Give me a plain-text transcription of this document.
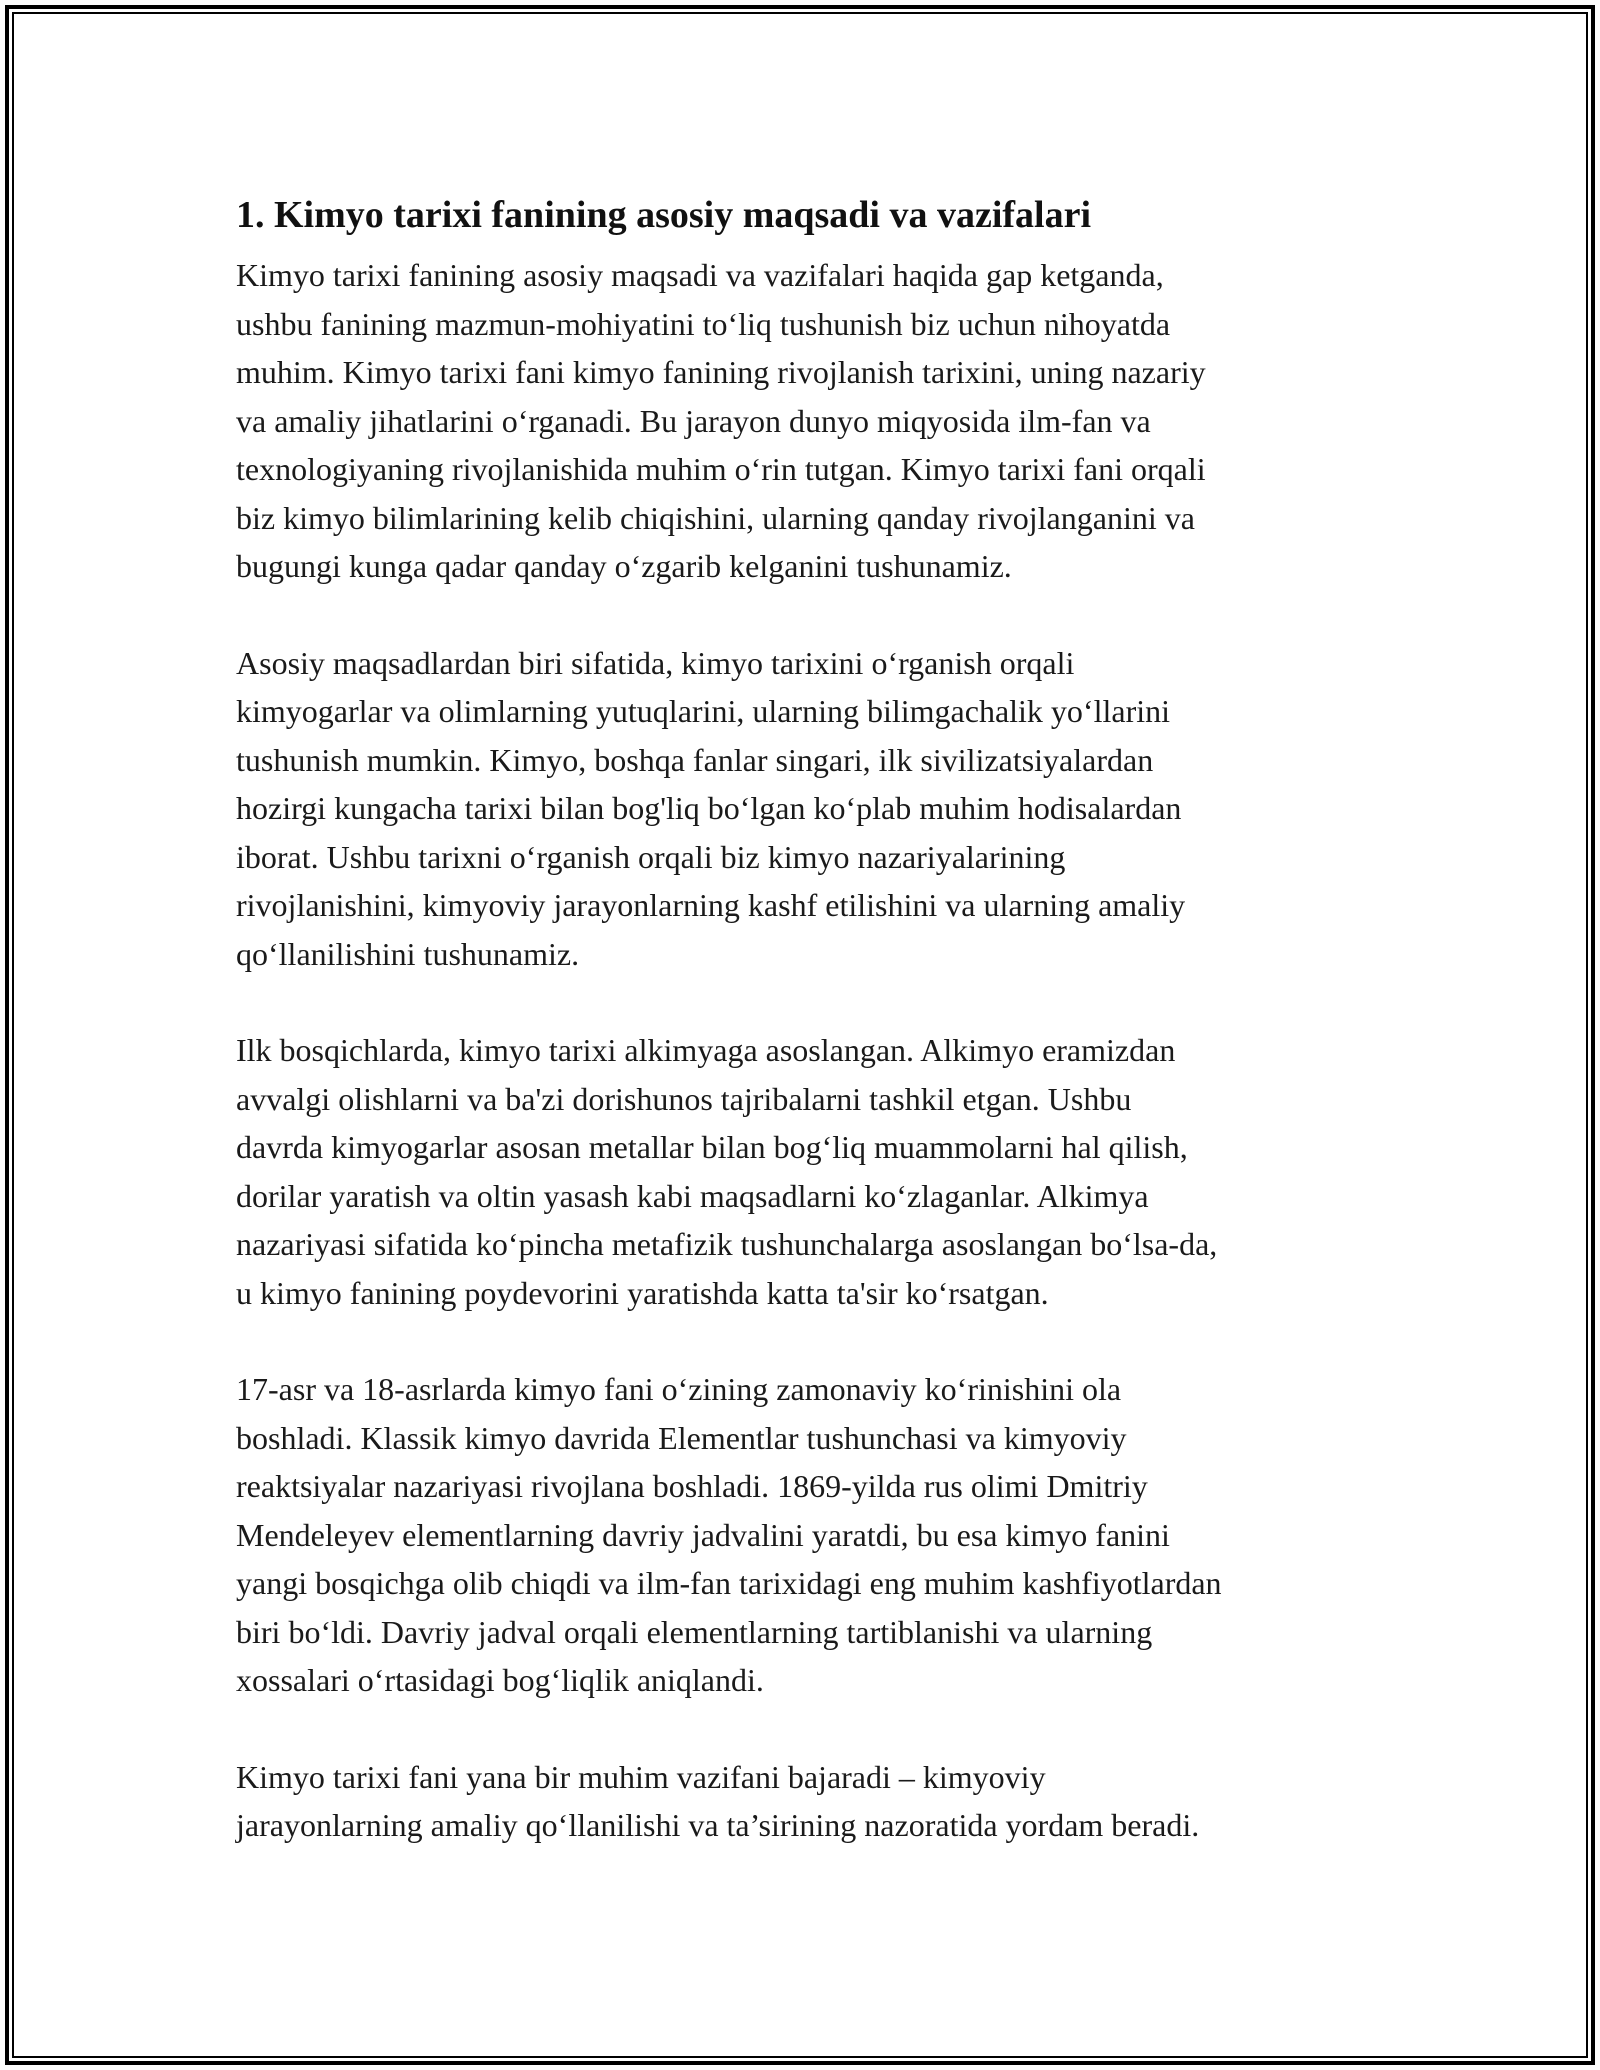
1. Kimyo tarixi fanining asosiy maqsadi va vazifalari

Kimyo tarixi fanining asosiy maqsadi va vazifalari haqida gap ketganda,
ushbu fanining mazmun-mohiyatini to‘liq tushunish biz uchun nihoyatda
muhim. Kimyo tarixi fani kimyo fanining rivojlanish tarixini, uning nazariy
va amaliy jihatlarini o‘rganadi. Bu jarayon dunyo miqyosida ilm-fan va
texnologiyaning rivojlanishida muhim o‘rin tutgan. Kimyo tarixi fani orqali
biz kimyo bilimlarining kelib chiqishini, ularning qanday rivojlanganini va
bugungi kunga qadar qanday o‘zgarib kelganini tushunamiz.

Asosiy maqsadlardan biri sifatida, kimyo tarixini o‘rganish orqali
kimyogarlar va olimlarning yutuqlarini, ularning bilimgachalik yo‘llarini
tushunish mumkin. Kimyo, boshqa fanlar singari, ilk sivilizatsiyalardan
hozirgi kungacha tarixi bilan bog'liq bo‘lgan ko‘plab muhim hodisalardan
iborat. Ushbu tarixni o‘rganish orqali biz kimyo nazariyalarining
rivojlanishini, kimyoviy jarayonlarning kashf etilishini va ularning amaliy
qo‘llanilishini tushunamiz.

Ilk bosqichlarda, kimyo tarixi alkimyaga asoslangan. Alkimyo eramizdan
avvalgi olishlarni va ba'zi dorishunos tajribalarni tashkil etgan. Ushbu
davrda kimyogarlar asosan metallar bilan bog‘liq muammolarni hal qilish,
dorilar yaratish va oltin yasash kabi maqsadlarni ko‘zlaganlar. Alkimya
nazariyasi sifatida ko‘pincha metafizik tushunchalarga asoslangan bo‘lsa-da,
u kimyo fanining poydevorini yaratishda katta ta'sir ko‘rsatgan.

17-asr va 18-asrlarda kimyo fani o‘zining zamonaviy ko‘rinishini ola
boshladi. Klassik kimyo davrida Elementlar tushunchasi va kimyoviy
reaktsiyalar nazariyasi rivojlana boshladi. 1869-yilda rus olimi Dmitriy
Mendeleyev elementlarning davriy jadvalini yaratdi, bu esa kimyo fanini
yangi bosqichga olib chiqdi va ilm-fan tarixidagi eng muhim kashfiyotlardan
biri bo‘ldi. Davriy jadval orqali elementlarning tartiblanishi va ularning
xossalari o‘rtasidagi bog‘liqlik aniqlandi.

Kimyo tarixi fani yana bir muhim vazifani bajaradi – kimyoviy
jarayonlarning amaliy qo‘llanilishi va ta’sirining nazoratida yordam beradi.
